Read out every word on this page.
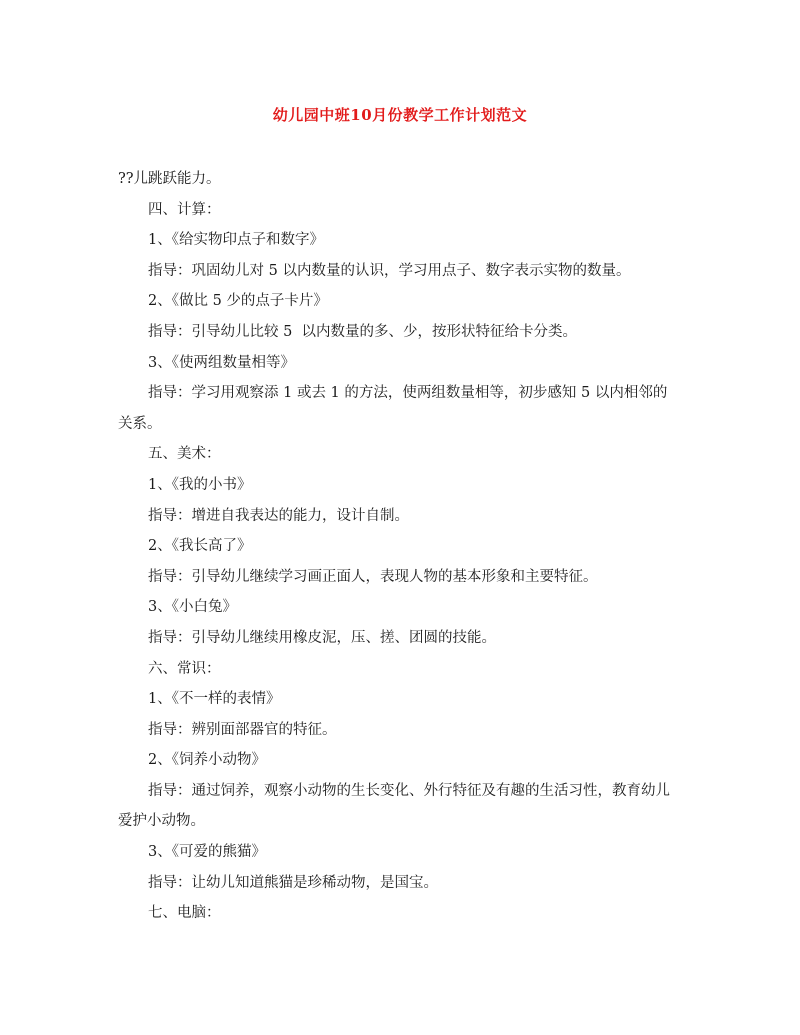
幼儿园中班10月份教学工作计划范文

??儿跳跃能力。

四、计算：

1、《给实物印点子和数字》

指导：巩固幼儿对 5 以内数量的认识，学习用点子、数字表示实物的数量。

2、《做比 5 少的点子卡片》

指导：引导幼儿比较 5  以内数量的多、少，按形状特征给卡分类。

3、《使两组数量相等》

指导：学习用观察添 1 或去 1 的方法，使两组数量相等，初步感知 5 以内相邻的关系。

五、美术：

1、《我的小书》

指导：增进自我表达的能力，设计自制。

2、《我长高了》

指导：引导幼儿继续学习画正面人，表现人物的基本形象和主要特征。

3、《小白兔》

指导：引导幼儿继续用橡皮泥，压、搓、团圆的技能。

六、常识：

1、《不一样的表情》

指导：辨别面部器官的特征。

2、《饲养小动物》

指导：通过饲养，观察小动物的生长变化、外行特征及有趣的生活习性，教育幼儿爱护小动物。

3、《可爱的熊猫》

指导：让幼儿知道熊猫是珍稀动物，是国宝。

七、电脑：
